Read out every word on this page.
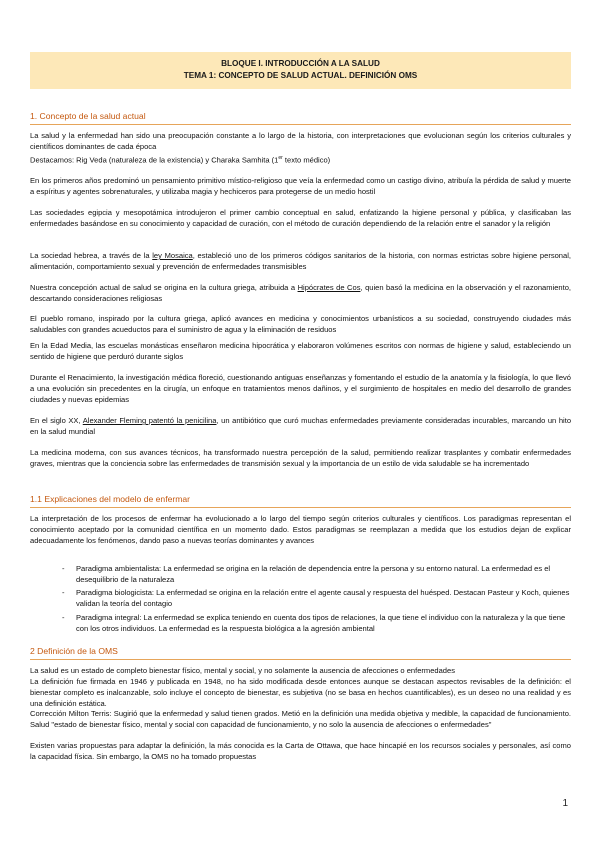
BLOQUE I. INTRODUCCIÓN A LA SALUD
TEMA 1: CONCEPTO DE SALUD ACTUAL. DEFINICIÓN OMS
1. Concepto de la salud actual

La salud y la enfermedad han sido una preocupación constante a lo largo de la historia, con interpretaciones que evolucionan según los criterios culturales y científicos dominantes de cada época

Destacamos: Rig Veda (naturaleza de la existencia) y Charaka Samhita (1er texto médico)

En los primeros años predominó un pensamiento primitivo místico-religioso que veía la enfermedad como un castigo divino, atribuía la pérdida de salud y muerte a espíritus y agentes sobrenaturales, y utilizaba magia y hechiceros para protegerse de un medio hostil

Las sociedades egipcia y mesopotámica introdujeron el primer cambio conceptual en salud, enfatizando la higiene personal y pública, y clasificaban las enfermedades basándose en su conocimiento y capacidad de curación, con el método de curación dependiendo de la relación entre el sanador y la religión

La sociedad hebrea, a través de la ley Mosaica, estableció uno de los primeros códigos sanitarios de la historia, con normas estrictas sobre higiene personal, alimentación, comportamiento sexual y prevención de enfermedades transmisibles

Nuestra concepción actual de salud se origina en la cultura griega, atribuida a Hipócrates de Cos, quien basó la medicina en la observación y el razonamiento, descartando consideraciones religiosas

El pueblo romano, inspirado por la cultura griega, aplicó avances en medicina y conocimientos urbanísticos a su sociedad, construyendo ciudades más saludables con grandes acueductos para el suministro de agua y la eliminación de residuos

En la Edad Media, las escuelas monásticas enseñaron medicina hipocrática y elaboraron volúmenes escritos con normas de higiene y salud, estableciendo un sentido de higiene que perduró durante siglos

Durante el Renacimiento, la investigación médica floreció, cuestionando antiguas enseñanzas y fomentando el estudio de la anatomía y la fisiología, lo que llevó a una evolución sin precedentes en la cirugía, un enfoque en tratamientos menos dañinos, y el surgimiento de hospitales en medio del desarrollo de grandes ciudades y nuevas epidemias

En el siglo XX, Alexander Fleming patentó la penicilina, un antibiótico que curó muchas enfermedades previamente consideradas incurables, marcando un hito en la salud mundial

La medicina moderna, con sus avances técnicos, ha transformado nuestra percepción de la salud, permitiendo realizar trasplantes y combatir enfermedades graves, mientras que la conciencia sobre las enfermedades de transmisión sexual y la importancia de un estilo de vida saludable se ha incrementado

1.1 Explicaciones del modelo de enfermar

La interpretación de los procesos de enfermar ha evolucionado a lo largo del tiempo según criterios culturales y científicos. Los paradigmas representan el conocimiento aceptado por la comunidad científica en un momento dado. Estos paradigmas se reemplazan a medida que los estudios dejan de explicar adecuadamente los fenómenos, dando paso a nuevas teorías dominantes y avances

- Paradigma ambientalista: La enfermedad se origina en la relación de dependencia entre la persona y su entorno natural. La enfermedad es el desequilibrio de la naturaleza

- Paradigma biologicista: La enfermedad se origina en la relación entre el agente causal y respuesta del huésped. Destacan Pasteur y Koch, quienes validan la teoría del contagio

- Paradigma integral: La enfermedad se explica teniendo en cuenta dos tipos de relaciones, la que tiene el individuo con la naturaleza y la que tiene con los otros individuos. La enfermedad es la respuesta biológica a la agresión ambiental

2 Definición de la OMS

La salud es un estado de completo bienestar físico, mental y social, y no solamente la ausencia de afecciones o enfermedades

La definición fue firmada en 1946 y publicada en 1948, no ha sido modificada desde entonces aunque se destacan aspectos revisables de la definición: el bienestar completo es inalcanzable, solo incluye el concepto de bienestar, es subjetiva (no se basa en hechos cuantificables), es un deseo no una realidad y es una definición estática.

Corrección Milton Terris: Sugirió que la enfermedad y salud tienen grados. Metió en la definición una medida objetiva y medible, la capacidad de funcionamiento. Salud "estado de bienestar físico, mental y social con capacidad de funcionamiento, y no solo la ausencia de afecciones o enfermedades"

Existen varias propuestas para adaptar la definición, la más conocida es la Carta de Ottawa, que hace hincapié en los recursos sociales y personales, así como la capacidad física. Sin embargo, la OMS no ha tomado propuestas

1
